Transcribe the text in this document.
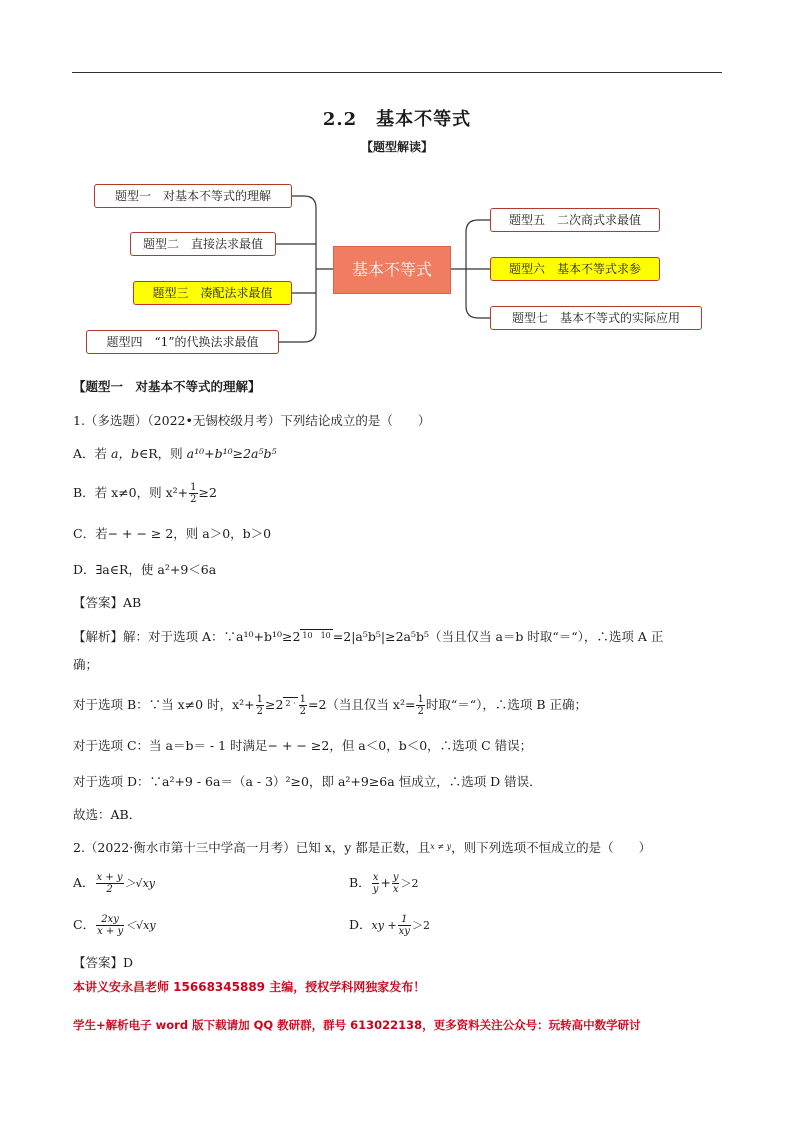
2.2　基本不等式
【题型解读】
基本不等式
题型一　对基本不等式的理解
题型二　直接法求最值
题型三　凑配法求最值
题型四　“1”的代换法求最值
题型五　二次商式求最值
题型六　基本不等式求参
题型七　基本不等式的实际应用
【题型一　对基本不等式的理解】
1.（多选题）（2022•无锡校级月考）下列结论成立的是（　　）
A．若 a，b∈R，则 a¹⁰+b¹⁰≥2a⁵b⁵
B．若 x≠0，则 $x^2+ \frac{1}{2} \ge 2$
C．若− + − ≥ 2，则 a＞0，b＞0
D．∃a∈R，使 a²+9＜6a
【答案】AB
【解析】解：对于选项 A：∵a¹⁰+b¹⁰≥2 10　10 =2|a⁵b⁵|≥2a⁵b⁵（当且仅当 a＝b 时取“＝“），∴选项 A 正
确；
对于选项 B：∵当 x≠0 时，$x^2+ \frac{1}{2} \ge 2$ $2 \cdot \frac{1}{2} =2$（当且仅当 $x^2= \frac{1}{2}$ 时取“＝“），∴选项 B 正确；
对于选项 C：当 a＝b＝ - 1 时满足− + − ≥2，但 a＜0，b＜0，∴选项 C 错误；
对于选项 D：∵a²+9 - 6a＝（a - 3）²≥0，即 a²+9≥6a 恒成立，∴选项 D 错误．
故选：AB．
2.（2022·衡水市第十三中学高一月考）已知 x，y 都是正数，且$^{x \ne y}$，则下列选项不恒成立的是（　　）
A． $\frac{x + y}{2} >√xy$	B． $\frac{x}{y} + \frac{y}{x} >2$
C． $\frac{2xy}{x + y} <√xy$	D．xy + $\frac{1}{xy} >2$
【答案】D
本讲义安永昌老师 15668345889 主编，授权学科网独家发布！
学生+解析电子 word 版下载请加 QQ 教研群，群号 613022138，更多资料关注公众号：玩转高中数学研讨
